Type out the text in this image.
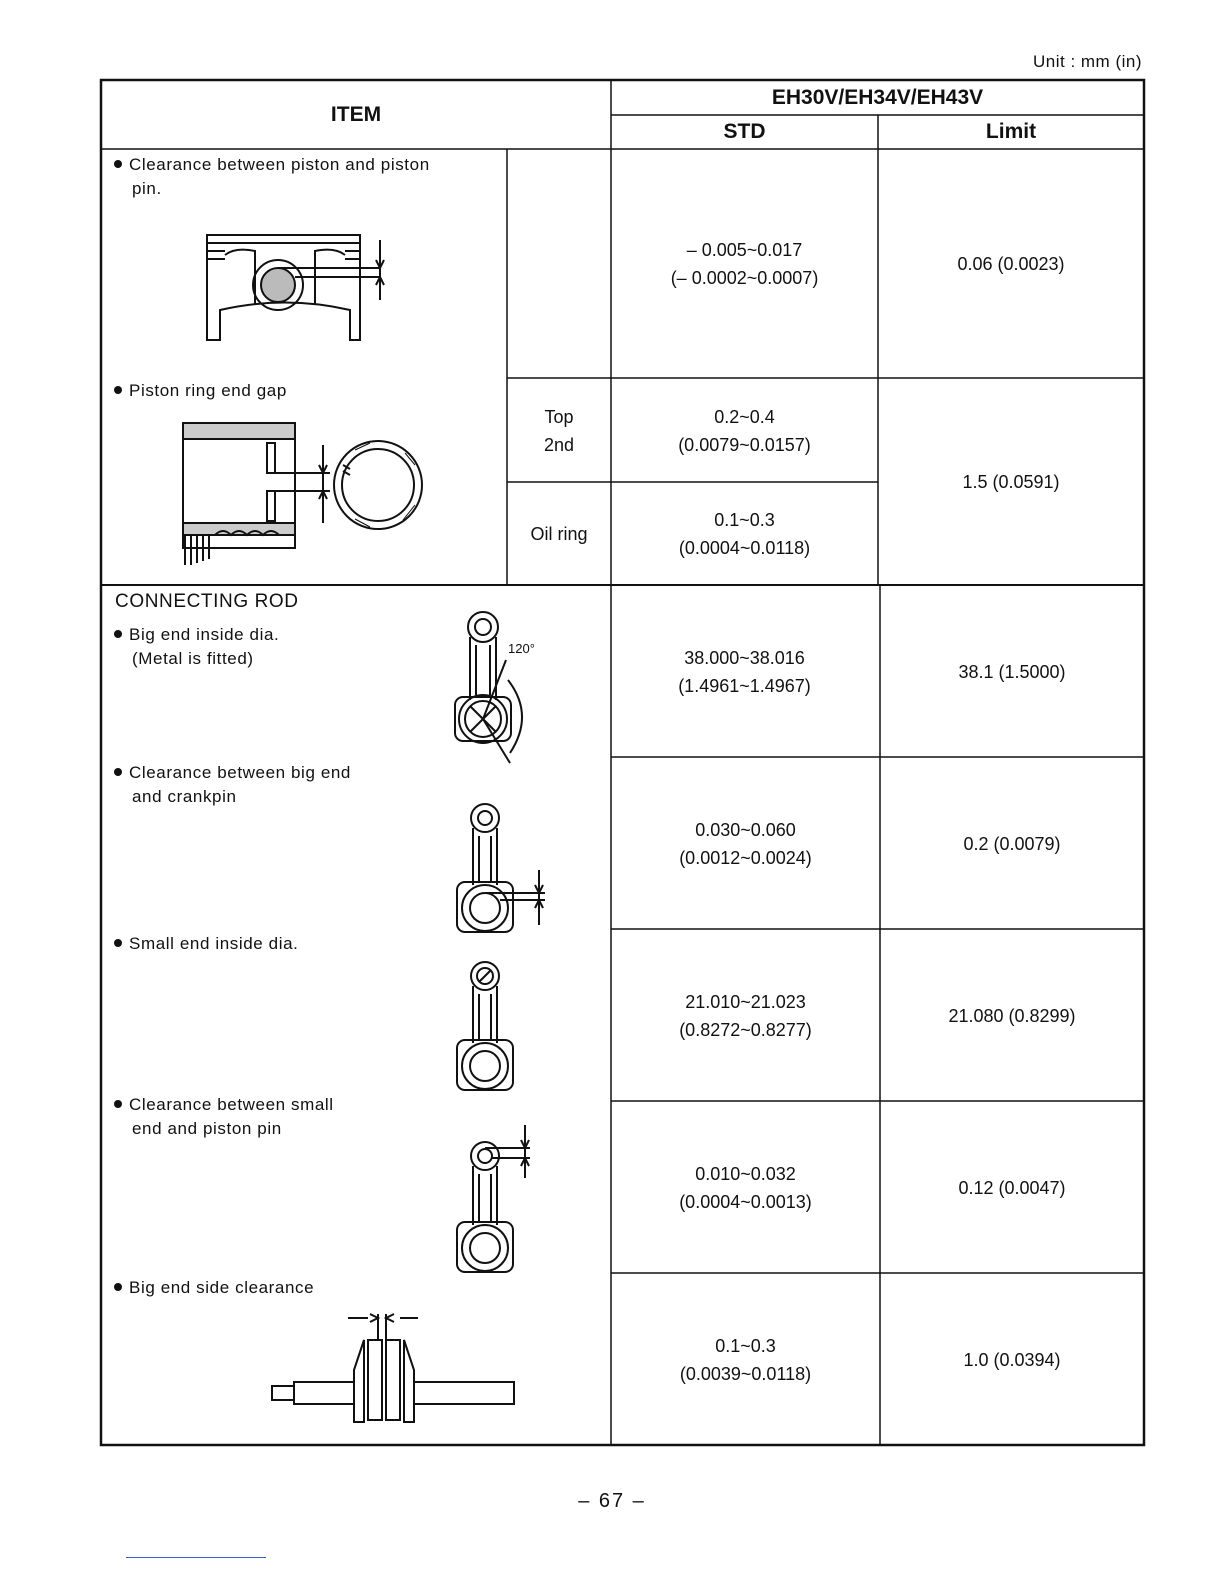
Unit : mm (in)
ITEM
EH30V/EH34V/EH43V
STD	Limit
Clearance between piston and piston
pin.
– 0.005~0.017
(– 0.0002~0.0007)
0.06 (0.0023)
Piston ring end gap
Top
2nd
Oil ring
0.2~0.4
(0.0079~0.0157)
0.1~0.3
(0.0004~0.0118)
1.5 (0.0591)
CONNECTING ROD
Big end inside dia.
(Metal is fitted)
120°	38.000~38.016
(1.4961~1.4967)
38.1 (1.5000)
Clearance between big end
and crankpin
0.030~0.060
(0.0012~0.0024)
0.2 (0.0079)
Small end inside dia.
21.010~21.023
(0.8272~0.8277)
21.080 (0.8299)
Clearance between small
end and piston pin
0.010~0.032
(0.0004~0.0013)
0.12 (0.0047)
Big end side clearance
0.1~0.3
(0.0039~0.0118)
1.0 (0.0394)
– 67 –
